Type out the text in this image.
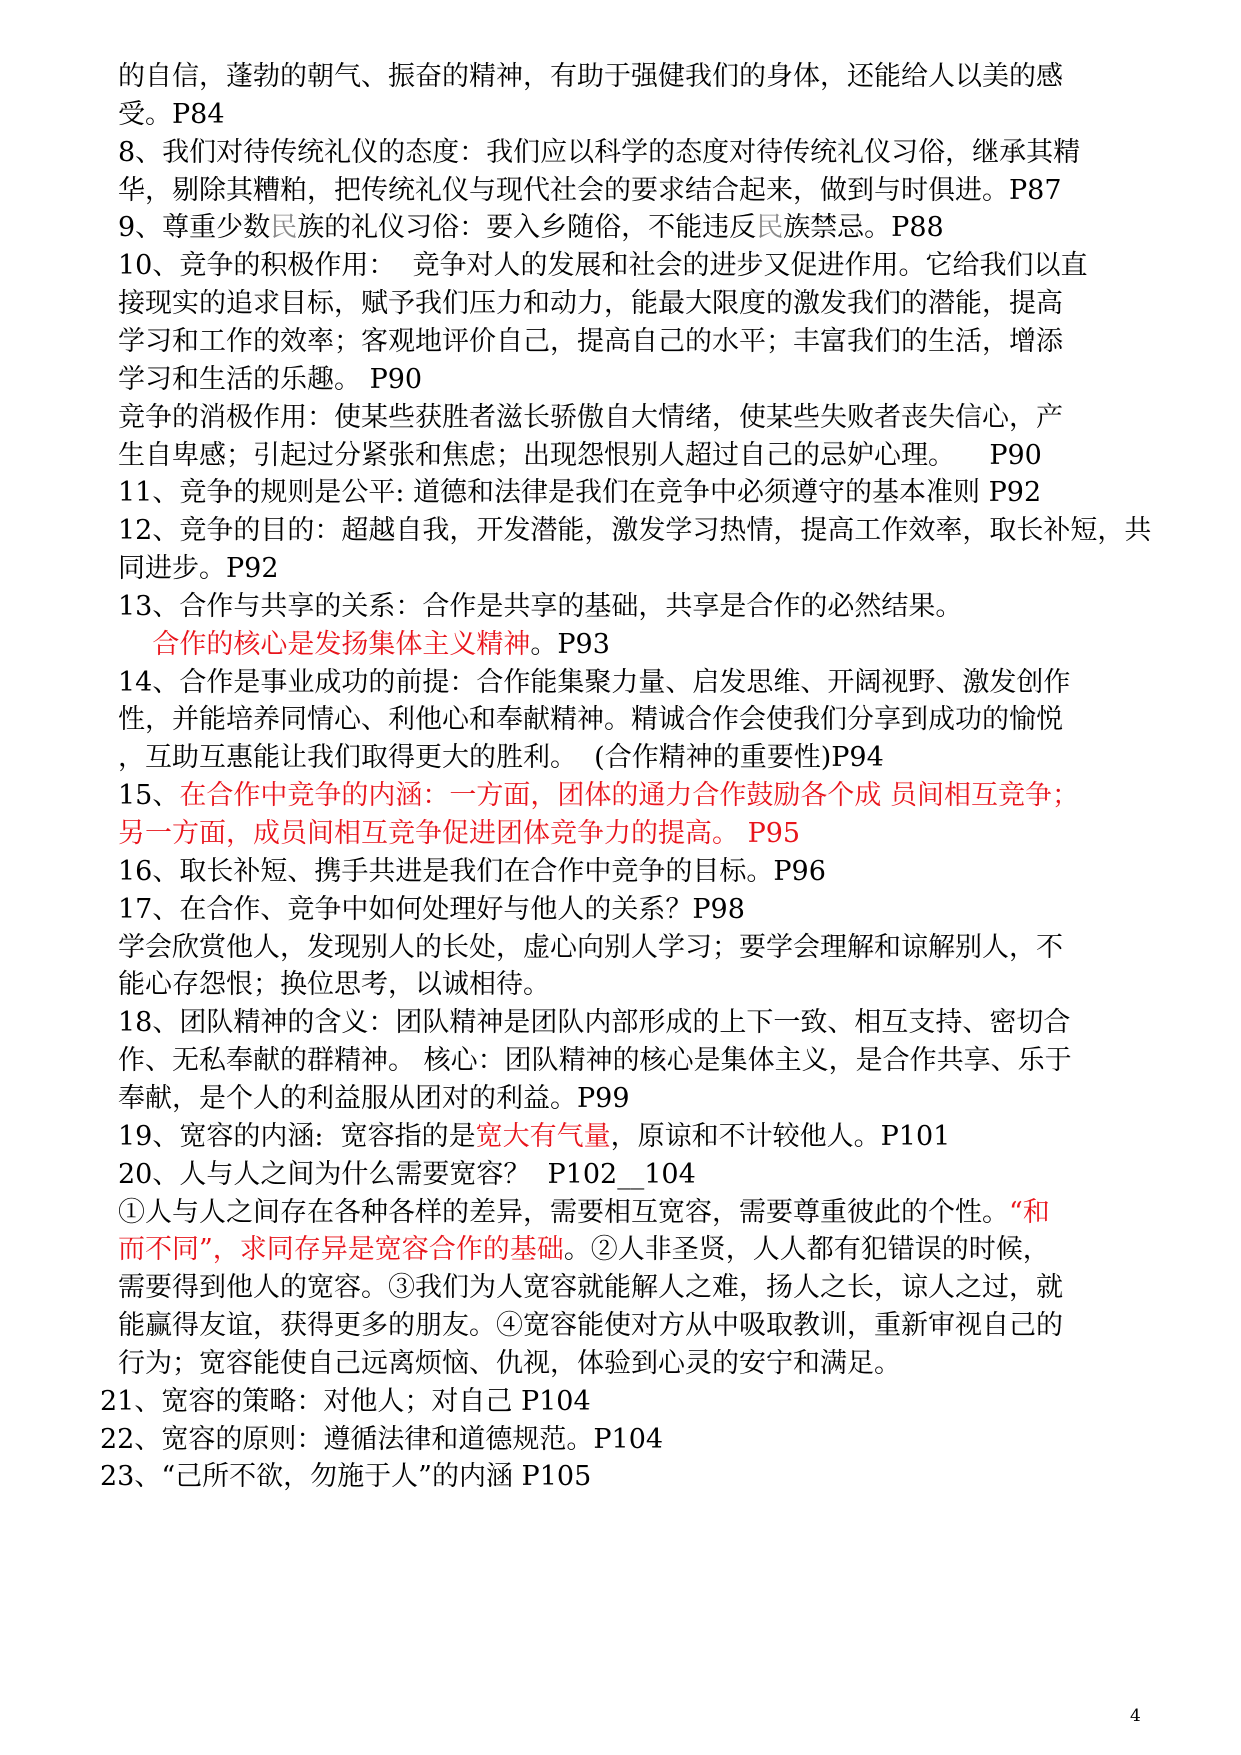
的自信，蓬勃的朝气、振奋的精神，有助于强健我们的身体，还能给人以美的感
受。P84
8、我们对待传统礼仪的态度：我们应以科学的态度对待传统礼仪习俗，继承其精
华，剔除其糟粕，把传统礼仪与现代社会的要求结合起来，做到与时俱进。P87
9、尊重少数民族的礼仪习俗：要入乡随俗，不能违反民族禁忌。P88
10、竞争的积极作用：  竞争对人的发展和社会的进步又促进作用。它给我们以直
接现实的追求目标，赋予我们压力和动力，能最大限度的激发我们的潜能，提高
学习和工作的效率；客观地评价自己，提高自己的水平；丰富我们的生活，增添
学习和生活的乐趣。 P90
竞争的消极作用：使某些获胜者滋长骄傲自大情绪，使某些失败者丧失信心，产
生自卑感；引起过分紧张和焦虑；出现怨恨别人超过自己的忌妒心理。    P90
11、竞争的规则是公平: 道德和法律是我们在竞争中必须遵守的基本准则 P92
12、竞争的目的：超越自我，开发潜能，激发学习热情，提高工作效率，取长补短，共
同进步。P92
13、合作与共享的关系：合作是共享的基础，共享是合作的必然结果。
合作的核心是发扬集体主义精神。P93
14、合作是事业成功的前提：合作能集聚力量、启发思维、开阔视野、激发创作
性，并能培养同情心、利他心和奉献精神。精诚合作会使我们分享到成功的愉悦
，互助互惠能让我们取得更大的胜利。  (合作精神的重要性)P94
15、在合作中竞争的内涵：一方面，团体的通力合作鼓励各个成 员间相互竞争；
另一方面，成员间相互竞争促进团体竞争力的提高。 P95
16、取长补短、携手共进是我们在合作中竞争的目标。P96
17、在合作、竞争中如何处理好与他人的关系？P98
学会欣赏他人，发现别人的长处，虚心向别人学习；要学会理解和谅解别人，不
能心存怨恨；换位思考，以诚相待。
18、团队精神的含义：团队精神是团队内部形成的上下一致、相互支持、密切合
作、无私奉献的群精神。 核心：团队精神的核心是集体主义，是合作共享、乐于
奉献，是个人的利益服从团对的利益。P99
19、宽容的内涵:  宽容指的是宽大有气量，原谅和不计较他人。P101
20、人与人之间为什么需要宽容？  P102__104
①人与人之间存在各种各样的差异，需要相互宽容，需要尊重彼此的个性。“和
而不同”，求同存异是宽容合作的基础。②人非圣贤，人人都有犯错误的时候，
需要得到他人的宽容。③我们为人宽容就能解人之难，扬人之长，谅人之过，就
能赢得友谊，获得更多的朋友。④宽容能使对方从中吸取教训，重新审视自己的
行为；宽容能使自己远离烦恼、仇视，体验到心灵的安宁和满足。
21、宽容的策略：对他人；对自己 P104
22、宽容的原则：遵循法律和道德规范。P104
23、“己所不欲，勿施于人”的内涵 P105
4
